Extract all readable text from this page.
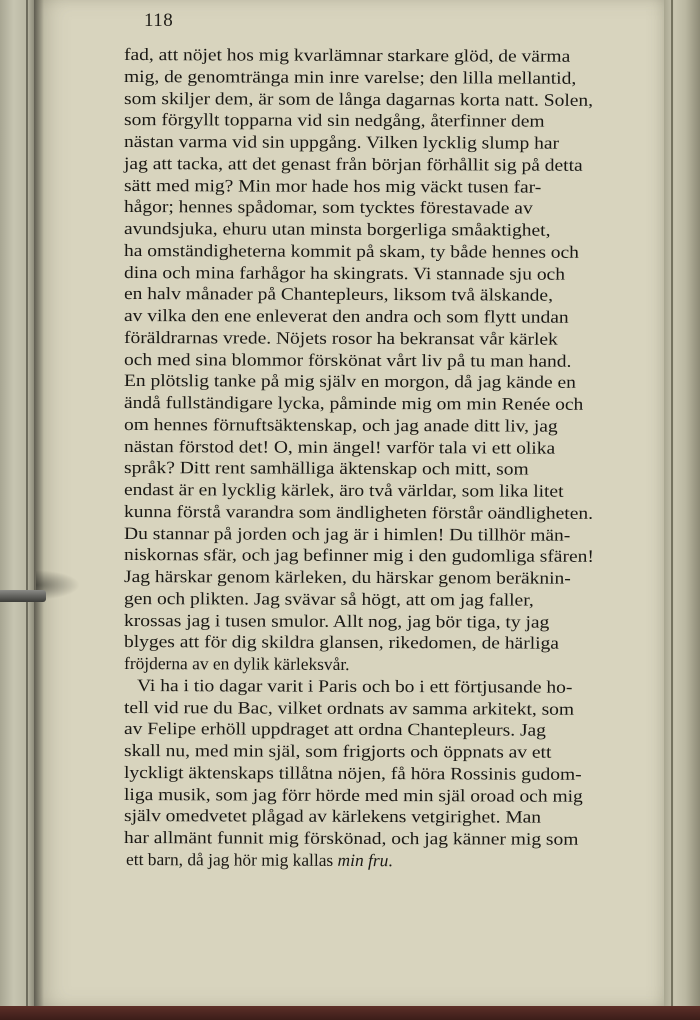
118

fad, att nöjet hos mig kvarlämnar starkare glöd, de värma

mig, de genomtränga min inre varelse; den lilla mellantid,

som skiljer dem, är som de långa dagarnas korta natt. Solen,

som förgyllt topparna vid sin nedgång, återfinner dem

nästan varma vid sin uppgång. Vilken lycklig slump har

jag att tacka, att det genast från början förhållit sig på detta

sätt med mig? Min mor hade hos mig väckt tusen far-

hågor; hennes spådomar, som tycktes förestavade av

avundsjuka, ehuru utan minsta borgerliga småaktighet,

ha omständigheterna kommit på skam, ty både hennes och

dina och mina farhågor ha skingrats. Vi stannade sju och

en halv månader på Chantepleurs, liksom två älskande,

av vilka den ene enleverat den andra och som flytt undan

föräldrarnas vrede. Nöjets rosor ha bekransat vår kärlek

och med sina blommor förskönat vårt liv på tu man hand.

En plötslig tanke på mig själv en morgon, då jag kände en

ändå fullständigare lycka, påminde mig om min Renée och

om hennes förnuftsäktenskap, och jag anade ditt liv, jag

nästan förstod det! O, min ängel! varför tala vi ett olika

språk? Ditt rent samhälliga äktenskap och mitt, som

endast är en lycklig kärlek, äro två världar, som lika litet

kunna förstå varandra som ändligheten förstår oändligheten.

Du stannar på jorden och jag är i himlen! Du tillhör män-

niskornas sfär, och jag befinner mig i den gudomliga sfären!

Jag härskar genom kärleken, du härskar genom beräknin-

gen och plikten. Jag svävar så högt, att om jag faller,

krossas jag i tusen smulor. Allt nog, jag bör tiga, ty jag

blyges att för dig skildra glansen, rikedomen, de härliga

fröjderna av en dylik kärleksvår.

Vi ha i tio dagar varit i Paris och bo i ett förtjusande ho-

tell vid rue du Bac, vilket ordnats av samma arkitekt, som

av Felipe erhöll uppdraget att ordna Chantepleurs. Jag

skall nu, med min själ, som frigjorts och öppnats av ett

lyckligt äktenskaps tillåtna nöjen, få höra Rossinis gudom-

liga musik, som jag förr hörde med min själ oroad och mig

själv omedvetet plågad av kärlekens vetgirighet. Man

har allmänt funnit mig förskönad, och jag känner mig som

ett barn, då jag hör mig kallas min fru.
